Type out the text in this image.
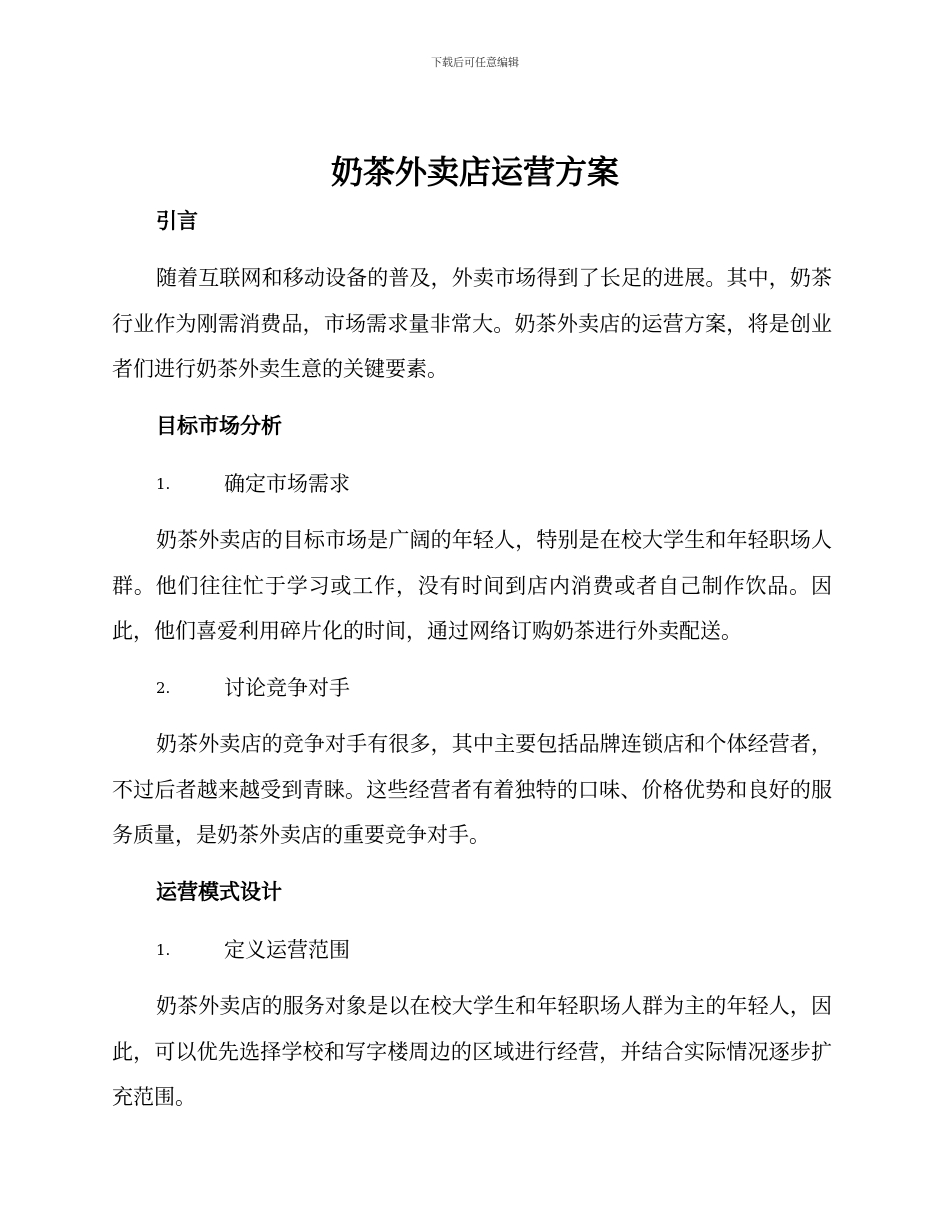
下载后可任意编辑
奶茶外卖店运营方案
引言
随着互联网和移动设备的普及，外卖市场得到了长足的进展。其中，奶茶行业作为刚需消费品，市场需求量非常大。奶茶外卖店的运营方案，将是创业者们进行奶茶外卖生意的关键要素。
目标市场分析
1.	确定市场需求
奶茶外卖店的目标市场是广阔的年轻人，特别是在校大学生和年轻职场人群。他们往往忙于学习或工作，没有时间到店内消费或者自己制作饮品。因此，他们喜爱利用碎片化的时间，通过网络订购奶茶进行外卖配送。
2.	讨论竞争对手
奶茶外卖店的竞争对手有很多，其中主要包括品牌连锁店和个体经营者，不过后者越来越受到青睐。这些经营者有着独特的口味、价格优势和良好的服务质量，是奶茶外卖店的重要竞争对手。
运营模式设计
1.	定义运营范围
奶茶外卖店的服务对象是以在校大学生和年轻职场人群为主的年轻人，因此，可以优先选择学校和写字楼周边的区域进行经营，并结合实际情况逐步扩充范围。
